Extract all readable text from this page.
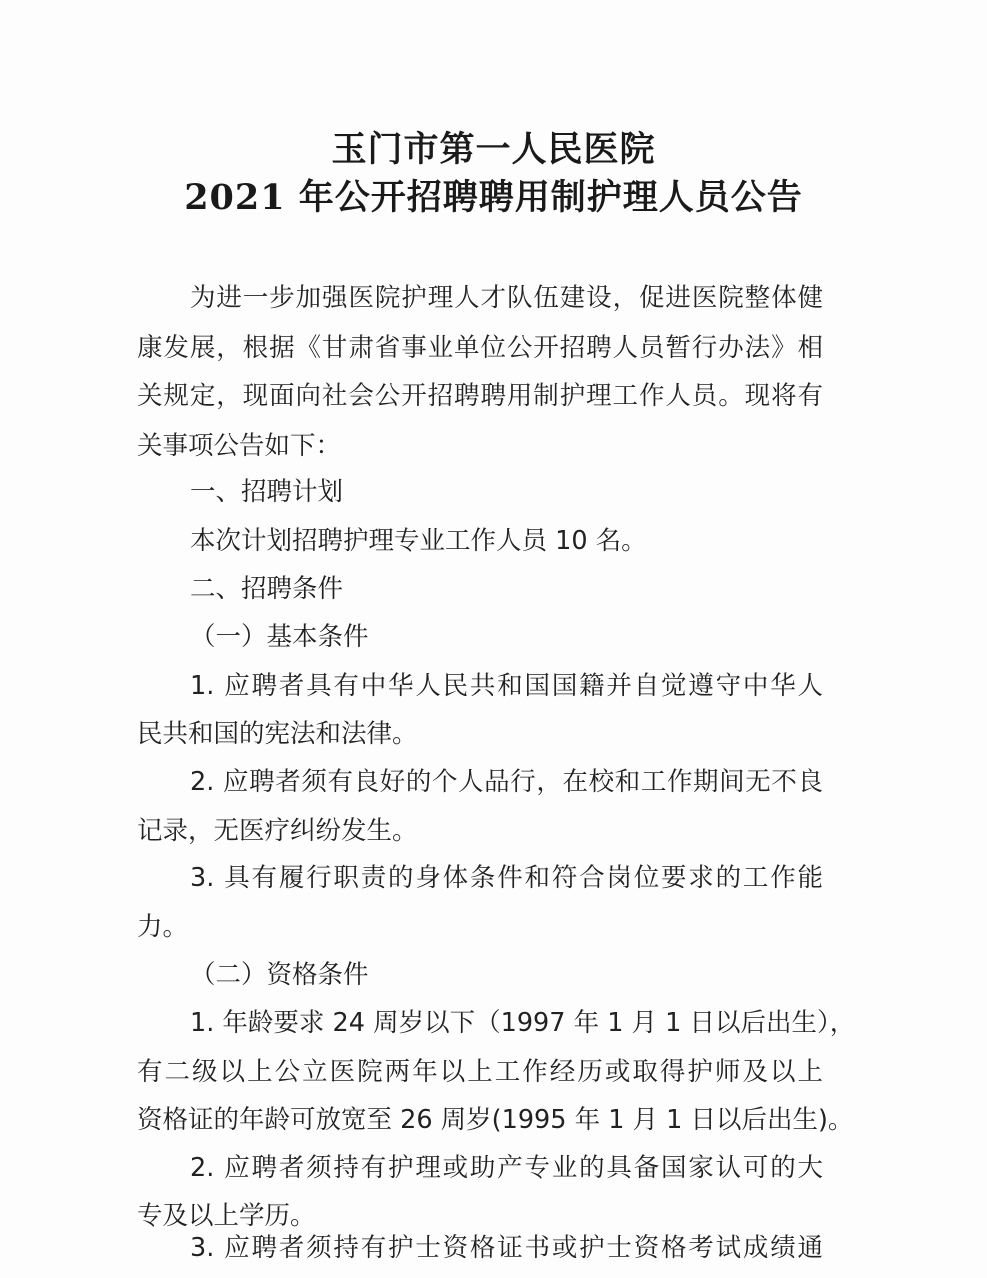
玉门市第一人民医院
2021 年公开招聘聘用制护理人员公告
为进一步加强医院护理人才队伍建设，促进医院整体健
康发展，根据《甘肃省事业单位公开招聘人员暂行办法》相
关规定，现面向社会公开招聘聘用制护理工作人员。现将有
关事项公告如下：
一、招聘计划
本次计划招聘护理专业工作人员 10 名。
二、招聘条件
（一）基本条件
1. 应聘者具有中华人民共和国国籍并自觉遵守中华人
民共和国的宪法和法律。
2. 应聘者须有良好的个人品行，在校和工作期间无不良
记录，无医疗纠纷发生。
3. 具有履行职责的身体条件和符合岗位要求的工作能
力。
（二）资格条件
1. 年龄要求 24 周岁以下（1997 年 1 月 1 日以后出生），
有二级以上公立医院两年以上工作经历或取得护师及以上
资格证的年龄可放宽至 26 周岁(1995 年 1 月 1 日以后出生)。
2. 应聘者须持有护理或助产专业的具备国家认可的大
专及以上学历。
3. 应聘者须持有护士资格证书或护士资格考试成绩通
